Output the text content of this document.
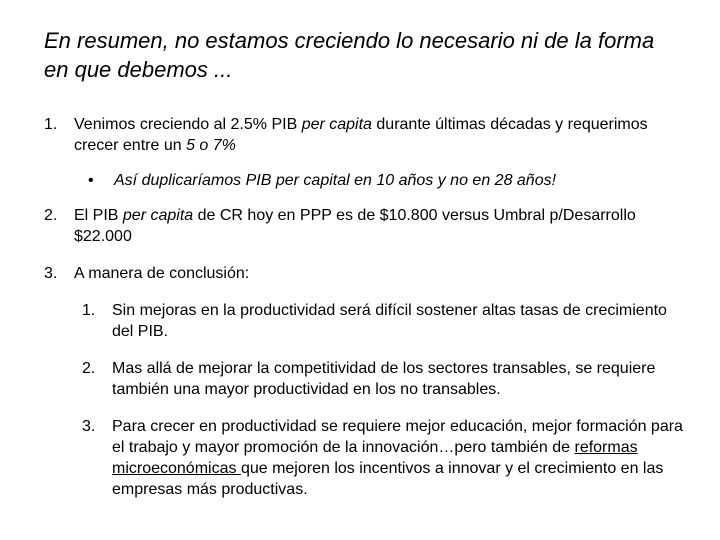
En resumen, no estamos creciendo lo necesario ni de la forma en que debemos ...
1. Venimos creciendo al 2.5% PIB per capita durante últimas décadas y requerimos crecer entre un 5 o 7%
• Así duplicaríamos PIB per capital en 10 años y no en 28 años!
2. El PIB per capita de CR hoy en PPP es de $10.800 versus Umbral p/Desarrollo $22.000
3. A manera de conclusión:
1. Sin mejoras en la productividad será difícil sostener altas tasas de crecimiento del PIB.
2. Mas allá de mejorar la competitividad de los sectores transables, se requiere también una mayor productividad en los no transables.
3. Para crecer en productividad se requiere mejor educación, mejor formación para el trabajo y mayor promoción de la innovación…pero también de reformas microeconómicas que mejoren los incentivos a innovar y el crecimiento en las empresas más productivas.
